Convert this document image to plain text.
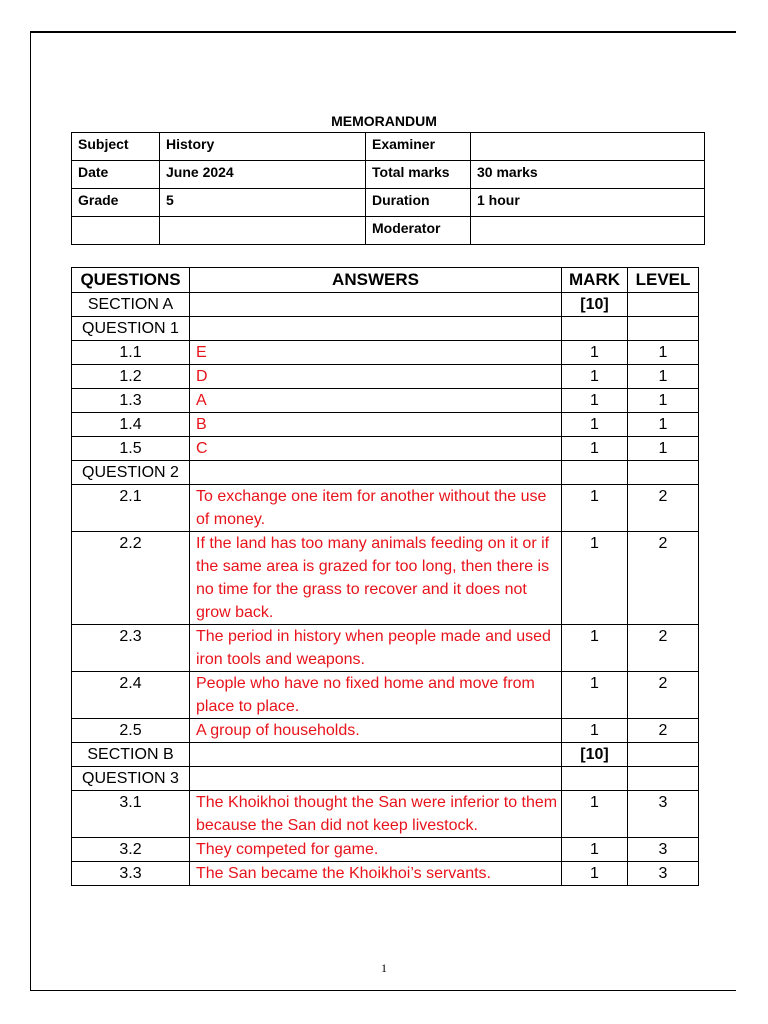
MEMORANDUM
Subject	History	Examiner	
Date	June 2024	Total marks	30 marks
Grade	5	Duration	1 hour
		Moderator	
QUESTIONS	ANSWERS	MARK	LEVEL
SECTION A		[10]	
QUESTION 1			
1.1	E	1	1
1.2	D	1	1
1.3	A	1	1
1.4	B	1	1
1.5	C	1	1
QUESTION 2			
2.1	To exchange one item for another without the use of money.	1	2
2.2	If the land has too many animals feeding on it or if the same area is grazed for too long, then there is no time for the grass to recover and it does not grow back.	1	2
2.3	The period in history when people made and used iron tools and weapons.	1	2
2.4	People who have no fixed home and move from place to place.	1	2
2.5	A group of households.	1	2
SECTION B		[10]	
QUESTION 3			
3.1	The Khoikhoi thought the San were inferior to them because the San did not keep livestock.	1	3
3.2	They competed for game.	1	3
3.3	The San became the Khoikhoi’s servants.	1	3
1
